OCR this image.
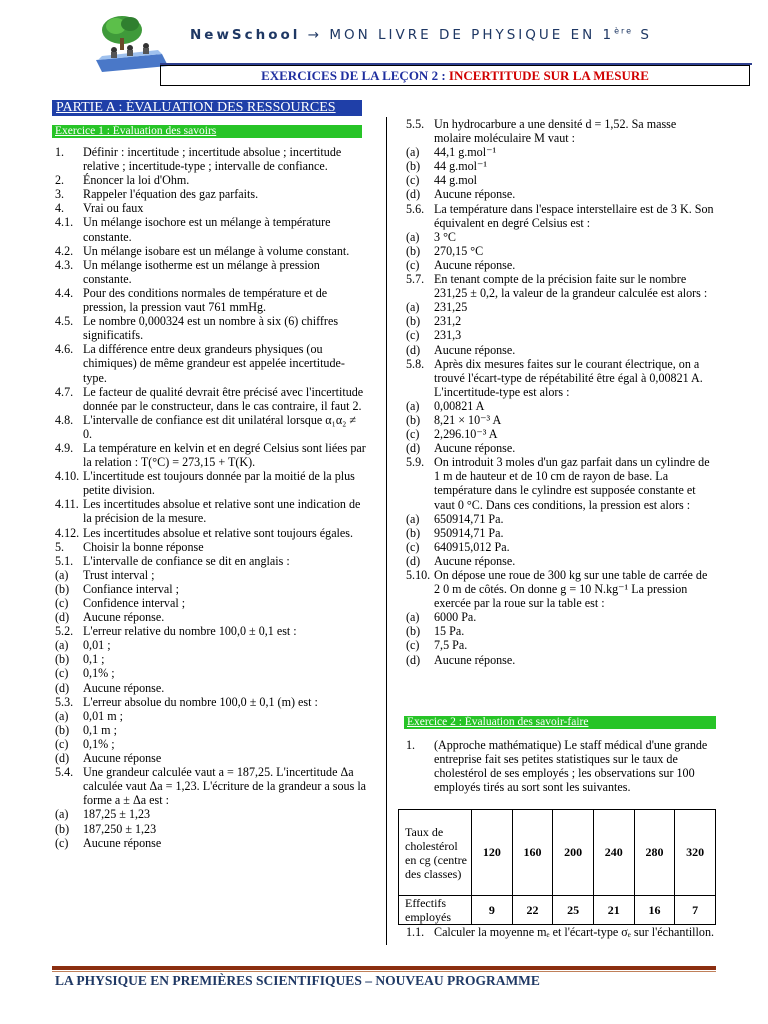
NewSchool → MON LIVRE DE PHYSIQUE EN 1ère S
EXERCICES DE LA LEÇON 2 : INCERTITUDE SUR LA MESURE
PARTIE A : ÉVALUATION DES RESSOURCES
Exercice 1 : Évaluation des savoirs
1. Définir : incertitude ; incertitude absolue ; incertitude relative ; incertitude-type ; intervalle de confiance.
2. Énoncer la loi d'Ohm.
3. Rappeler l'équation des gaz parfaits.
4. Vrai ou faux
4.1. Un mélange isochore est un mélange à température constante.
4.2. Un mélange isobare est un mélange à volume constant.
4.3. Un mélange isotherme est un mélange à pression constante.
4.4. Pour des conditions normales de température et de pression, la pression vaut 761 mmHg.
4.5. Le nombre 0,000324 est un nombre à six (6) chiffres significatifs.
4.6. La différence entre deux grandeurs physiques (ou chimiques) de même grandeur est appelée incertitude-type.
4.7. Le facteur de qualité devrait être précisé avec l'incertitude donnée par le constructeur, dans le cas contraire, il faut 2.
4.8. L'intervalle de confiance est dit unilatéral lorsque α₁α₂ ≠ 0.
4.9. La température en kelvin et en degré Celsius sont liées par la relation : T(°C) = 273,15 + T(K).
4.10. L'incertitude est toujours donnée par la moitié de la plus petite division.
4.11. Les incertitudes absolue et relative sont une indication de la précision de la mesure.
4.12. Les incertitudes absolue et relative sont toujours égales.
5. Choisir la bonne réponse
5.1. L'intervalle de confiance se dit en anglais :
(a) Trust interval ;
(b) Confiance interval ;
(c) Confidence interval ;
(d) Aucune réponse.
5.2. L'erreur relative du nombre 100,0 ± 0,1 est :
(a) 0,01 ;
(b) 0,1 ;
(c) 0,1% ;
(d) Aucune réponse.
5.3. L'erreur absolue du nombre 100,0 ± 0,1 (m) est :
(a) 0,01 m ;
(b) 0,1 m ;
(c) 0,1% ;
(d) Aucune réponse
5.4. Une grandeur calculée vaut a = 187,25. L'incertitude Δa calculée vaut Δa = 1,23. L'écriture de la grandeur a sous la forme a ± Δa est :
(a) 187,25 ± 1,23
(b) 187,250 ± 1,23
(c) Aucune réponse
5.5. Un hydrocarbure a une densité d = 1,52. Sa masse molaire moléculaire M vaut :
(a) 44,1 g.mol⁻¹
(b) 44 g.mol⁻¹
(c) 44 g.mol
(d) Aucune réponse.
5.6. La température dans l'espace interstellaire est de 3 K. Son équivalent en degré Celsius est :
(a) 3 °C
(b) 270,15 °C
(c) Aucune réponse.
5.7. En tenant compte de la précision faite sur le nombre 231,25 ± 0,2, la valeur de la grandeur calculée est alors :
(a) 231,25
(b) 231,2
(c) 231,3
(d) Aucune réponse.
5.8. Après dix mesures faites sur le courant électrique, on a trouvé l'écart-type de répétabilité être égal à 0,00821 A. L'incertitude-type est alors :
(a) 0,00821 A
(b) 8,21 × 10⁻³ A
(c) 2,296.10⁻³ A
(d) Aucune réponse.
5.9. On introduit 3 moles d'un gaz parfait dans un cylindre de 1 m de hauteur et de 10 cm de rayon de base. La température dans le cylindre est supposée constante et vaut 0 °C. Dans ces conditions, la pression est alors :
(a) 650914,71 Pa.
(b) 950914,71 Pa.
(c) 640915,012 Pa.
(d) Aucune réponse.
5.10. On dépose une roue de 300 kg sur une table de carrée de 2 0 m de côtés. On donne g = 10 N.kg⁻¹ La pression exercée par la roue sur la table est :
(a) 6000 Pa.
(b) 15 Pa.
(c) 7,5 Pa.
(d) Aucune réponse.
Exercice 2 : Évaluation des savoir-faire
1. (Approche mathématique) Le staff médical d'une grande entreprise fait ses petites statistiques sur le taux de cholestérol de ses employés ; les observations sur 100 employés tirés au sort sont les suivantes.
Taux de cholestérol en cg (centre des classes)	120	160	200	240	280	320
Effectifs employés	9	22	25	21	16	7
1.1. Calculer la moyenne mₑ et l'écart-type σₑ sur l'échantillon.
LA PHYSIQUE EN PREMIÈRES SCIENTIFIQUES – NOUVEAU PROGRAMME
